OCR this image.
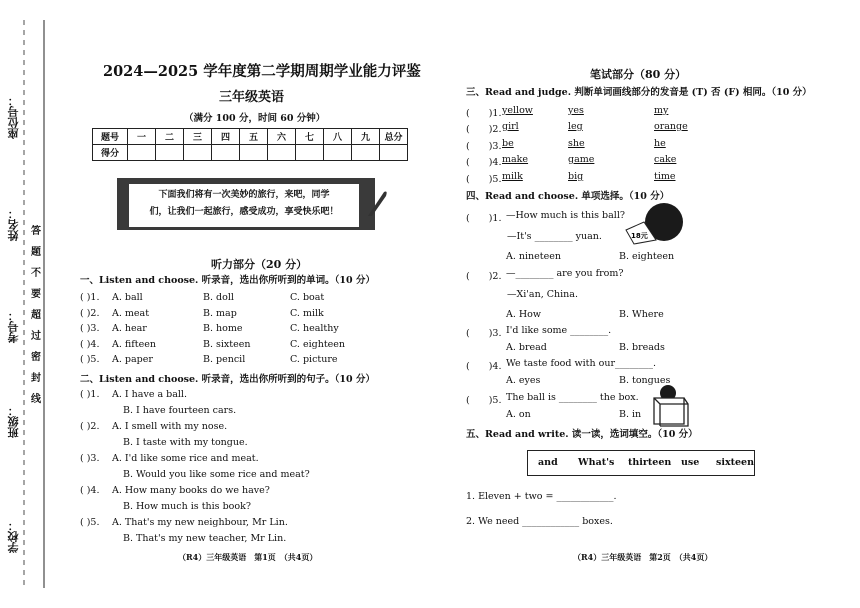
座位号：
姓名：
考号：
班级：
学校：
答
题
不
要
超
过
密
封
线
2024—2025 学年度第二学期周期学业能力评鉴
三年级英语
（满分 100 分，时间 60 分钟）
题号	一	二	三	四	五	六	七	八	九	总分
得分										
下面我们将有一次美妙的旅行，来吧，同学
们，让我们一起旅行，感受成功，享受快乐吧！
听力部分（20 分）
一、Listen and choose. 听录音，选出你所听到的单词。（10 分）
( )1. A. ball	B. doll	C. boat
( )2. A. meat	B. map	C. milk
( )3. A. hear	B. home	C. healthy
( )4. A. fifteen	B. sixteen	C. eighteen
( )5. A. paper	B. pencil	C. picture
二、Listen and choose. 听录音，选出你所听到的句子。（10 分）
( )1. A. I have a ball.
B. I have fourteen cars.
( )2. A. I smell with my nose.
B. I taste with my tongue.
( )3. A. I'd like some rice and meat.
B. Would you like some rice and meat?
( )4. A. How many books do we have?
B. How much is this book?
( )5. A. That's my new neighbour, Mr Lin.
B. That's my new teacher, Mr Lin.
（R4）三年级英语　第1页　（共4页）
笔试部分（80 分）
三、Read and judge. 判断单词画线部分的发音是 (T) 否 (F) 相同。（10 分）
(　　)1. yellow	yes	my
(　　)2. girl	leg	orange
(　　)3. be	she	he
(　　)4. make	game	cake
(　　)5. milk	big	time
四、Read and choose. 单项选择。（10 分）
(　　)1. —How much is this ball?
—It's ________ yuan.
A. nineteen	B. eighteen
18元
(　　)2. —________ are you from?
—Xi'an, China.
A. How	B. Where
(　　)3. I'd like some ________.
A. bread	B. breads
(　　)4. We taste food with our________.
A. eyes	B. tongues
(　　)5. The ball is ________ the box.
A. on	B. in
五、Read and write. 读一读，选词填空。（10 分）
and What's thirteen use sixteen
1. Eleven + two = ____________.
2. We need ____________ boxes.
（R4）三年级英语　第2页　（共4页）
